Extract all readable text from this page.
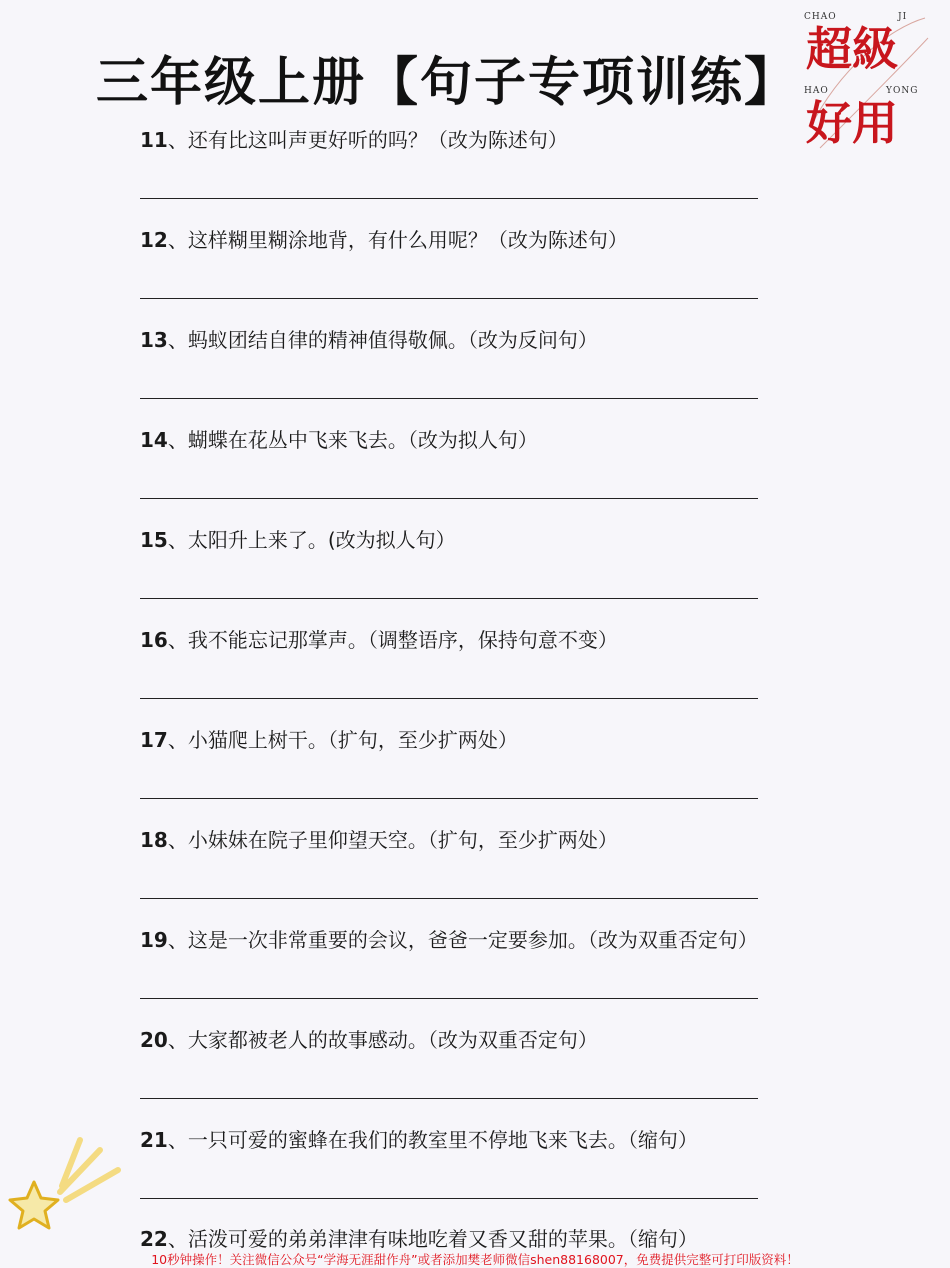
三年级上册【句子专项训练】
CHAO	JI
超級
HAO	YONG
好用
11、还有比这叫声更好听的吗？（改为陈述句）
12、这样糊里糊涂地背，有什么用呢？（改为陈述句）
13、蚂蚁团结自律的精神值得敬佩。（改为反问句）
14、蝴蝶在花丛中飞来飞去。（改为拟人句）
15、太阳升上来了。(改为拟人句）
16、我不能忘记那掌声。（调整语序，保持句意不变）
17、小猫爬上树干。（扩句，至少扩两处）
18、小妹妹在院子里仰望天空。（扩句，至少扩两处）
19、这是一次非常重要的会议，爸爸一定要参加。（改为双重否定句）
20、大家都被老人的故事感动。（改为双重否定句）
21、一只可爱的蜜蜂在我们的教室里不停地飞来飞去。（缩句）
22、活泼可爱的弟弟津津有味地吃着又香又甜的苹果。（缩句）
10秒钟操作！关注微信公众号“学海无涯甜作舟”或者添加樊老师微信shen88168007，免费提供完整可打印版资料！
